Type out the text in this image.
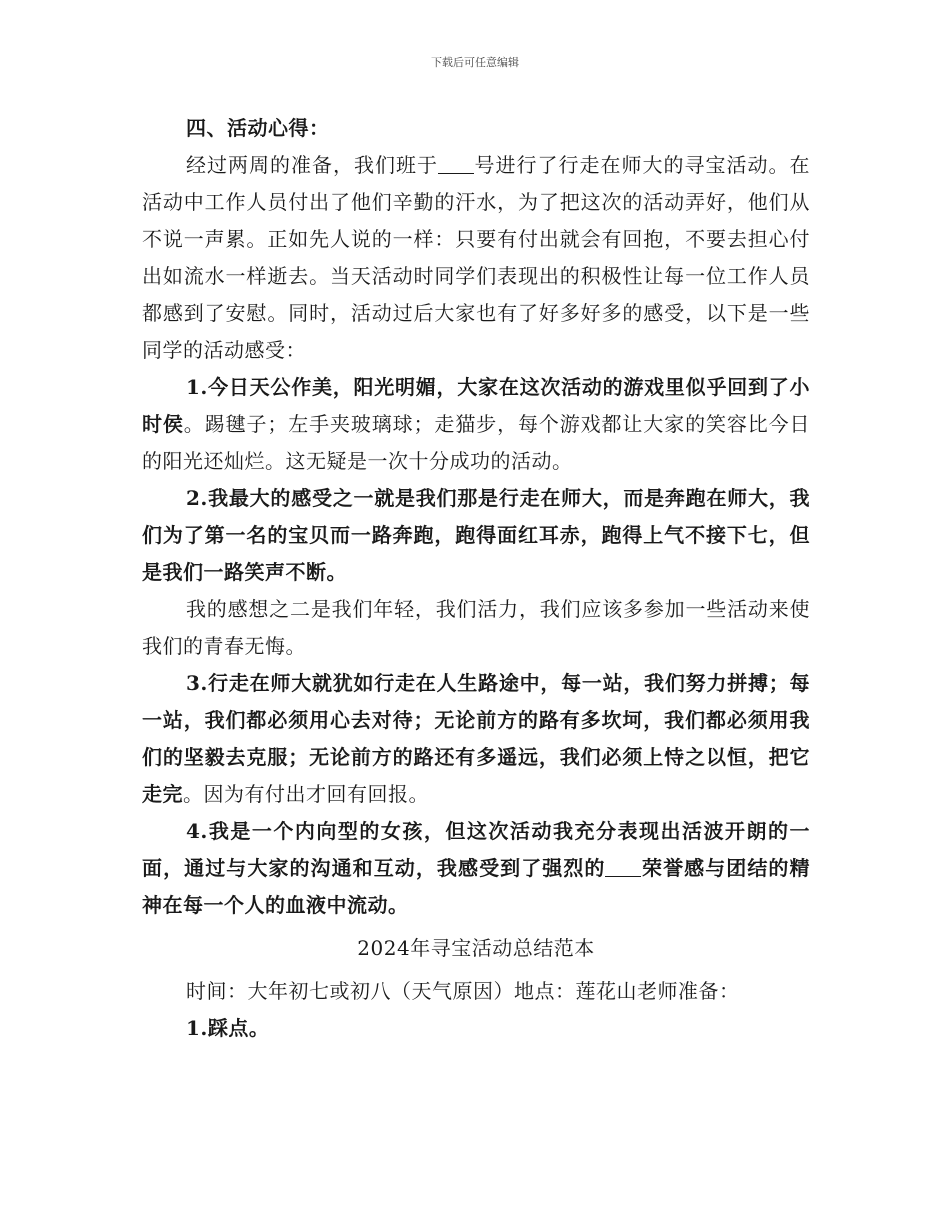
下载后可任意编辑

四、活动心得：

经过两周的准备，我们班于 号进行了行走在师大的寻宝活动。在活动中工作人员付出了他们辛勤的汗水，为了把这次的活动弄好，他们从不说一声累。正如先人说的一样：只要有付出就会有回抱，不要去担心付出如流水一样逝去。当天活动时同学们表现出的积极性让每一位工作人员都感到了安慰。同时，活动过后大家也有了好多好多的感受，以下是一些同学的活动感受：

1.今日天公作美，阳光明媚，大家在这次活动的游戏里似乎回到了小时侯。踢毽子；左手夹玻璃球；走猫步，每个游戏都让大家的笑容比今日的阳光还灿烂。这无疑是一次十分成功的活动。

2.我最大的感受之一就是我们那是行走在师大，而是奔跑在师大，我们为了第一名的宝贝而一路奔跑，跑得面红耳赤，跑得上气不接下七，但是我们一路笑声不断。

我的感想之二是我们年轻，我们活力，我们应该多参加一些活动来使我们的青春无悔。

3.行走在师大就犹如行走在人生路途中，每一站，我们努力拼搏；每一站，我们都必须用心去对待；无论前方的路有多坎坷，我们都必须用我们的坚毅去克服；无论前方的路还有多遥远，我们必须上恃之以恒，把它走完。因为有付出才回有回报。

4.我是一个内向型的女孩，但这次活动我充分表现出活波开朗的一面，通过与大家的沟通和互动，我感受到了强烈的 荣誉感与团结的精神在每一个人的血液中流动。

2024年寻宝活动总结范本

时间：大年初七或初八（天气原因）地点：莲花山老师准备：

1.踩点。
